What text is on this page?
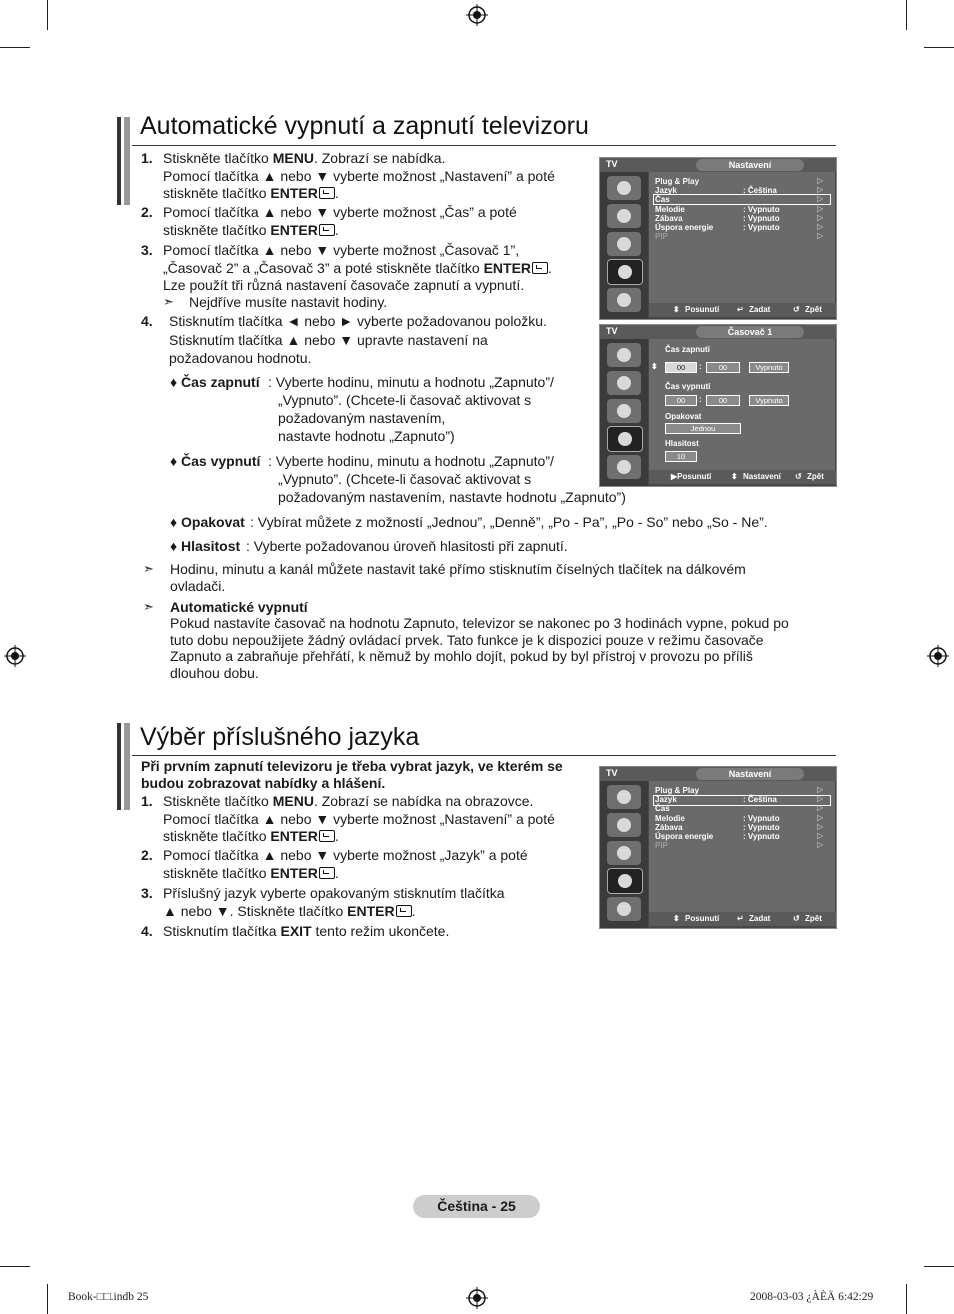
Automatické vypnutí a zapnutí televizoru
1. Stiskněte tlačítko MENU. Zobrazí se nabídka.
Pomocí tlačítka ▲ nebo ▼ vyberte možnost „Nastavení” a poté
stiskněte tlačítko ENTER .
2. Pomocí tlačítka ▲ nebo ▼ vyberte možnost „Čas” a poté
stiskněte tlačítko ENTER .
3. Pomocí tlačítka ▲ nebo ▼ vyberte možnost „Časovač 1”,
„Časovač 2” a „Časovač 3” a poté stiskněte tlačítko ENTER .
Lze použít tři různá nastavení časovače zapnutí a vypnutí.
4. Stisknutím tlačítka ◄ nebo ► vyberte požadovanou položku.
Stisknutím tlačítka ▲ nebo ▼ upravte nastavení na
požadovanou hodnotu.
➣ Nejdříve musíte nastavit hodiny.
♦ Čas zapnutí : Vyberte hodinu, minutu a hodnotu „Zapnuto”/
„Vypnuto”. (Chcete-li časovač aktivovat s
požadovaným nastavením,
nastavte hodnotu „Zapnuto”)
♦ Čas vypnutí : Vyberte hodinu, minutu a hodnotu „Zapnuto”/
„Vypnuto”. (Chcete-li časovač aktivovat s
požadovaným nastavením, nastavte hodnotu „Zapnuto”)
♦ Opakovat : Vybírat můžete z možností „Jednou”, „Denně”, „Po - Pa”, „Po - So” nebo „So - Ne”.
♦ Hlasitost : Vyberte požadovanou úroveň hlasitosti při zapnutí.
➣ Hodinu, minutu a kanál můžete nastavit také přímo stisknutím číselných tlačítek na dálkovém
ovladači.
➣ Automatické vypnutí
Pokud nastavíte časovač na hodnotu Zapnuto, televizor se nakonec po 3 hodinách vypne, pokud po
tuto dobu nepoužijete žádný ovládací prvek. Tato funkce je k dispozici pouze v režimu časovače
Zapnuto a zabraňuje přehřátí, k němuž by mohlo dojít, pokud by byl přístroj v provozu po příliš
dlouhou dobu.
TV	Nastavení
Plug & Play
Jazyk	: Čeština
Čas
Melodie	: Vypnuto
Zábava	: Vypnuto
Úspora energie	: Vypnuto
PIP
▷
▷
▷
▷
▷
▷
▷
⬍ Posunutí ↵ Zadat	↺ Zpět
TV	Časovač 1
Čas zapnutí
⬍	00	:	00	Vypnuto
Čas vypnutí
00	:	00	Vypnuto
Opakovat
Jednou
Hlasitost
10
▶Posunutí ⬍ Nastavení ↺ Zpět
Výběr příslušného jazyka
Při prvním zapnutí televizoru je třeba vybrat jazyk, ve kterém se
budou zobrazovat nabídky a hlášení.
1. Stiskněte tlačítko MENU. Zobrazí se nabídka na obrazovce.
Pomocí tlačítka ▲ nebo ▼ vyberte možnost „Nastavení” a poté
stiskněte tlačítko ENTER .
2. Pomocí tlačítka ▲ nebo ▼ vyberte možnost „Jazyk” a poté
stiskněte tlačítko ENTER .
3. Příslušný jazyk vyberte opakovaným stisknutím tlačítka
▲ nebo ▼. Stiskněte tlačítko ENTER .
4. Stisknutím tlačítka EXIT tento režim ukončete.
TV	Nastavení
Plug & Play
Jazyk	: Čeština
Čas
Melodie	: Vypnuto
Zábava	: Vypnuto
Úspora energie	: Vypnuto
PIP
▷
▷
▷
▷
▷
▷
▷
⬍ Posunutí ↵ Zadat	↺ Zpět
Čeština - 25
Book-□□.indb 25	2008-03-03 ¿ÀÈÄ 6:42:29
